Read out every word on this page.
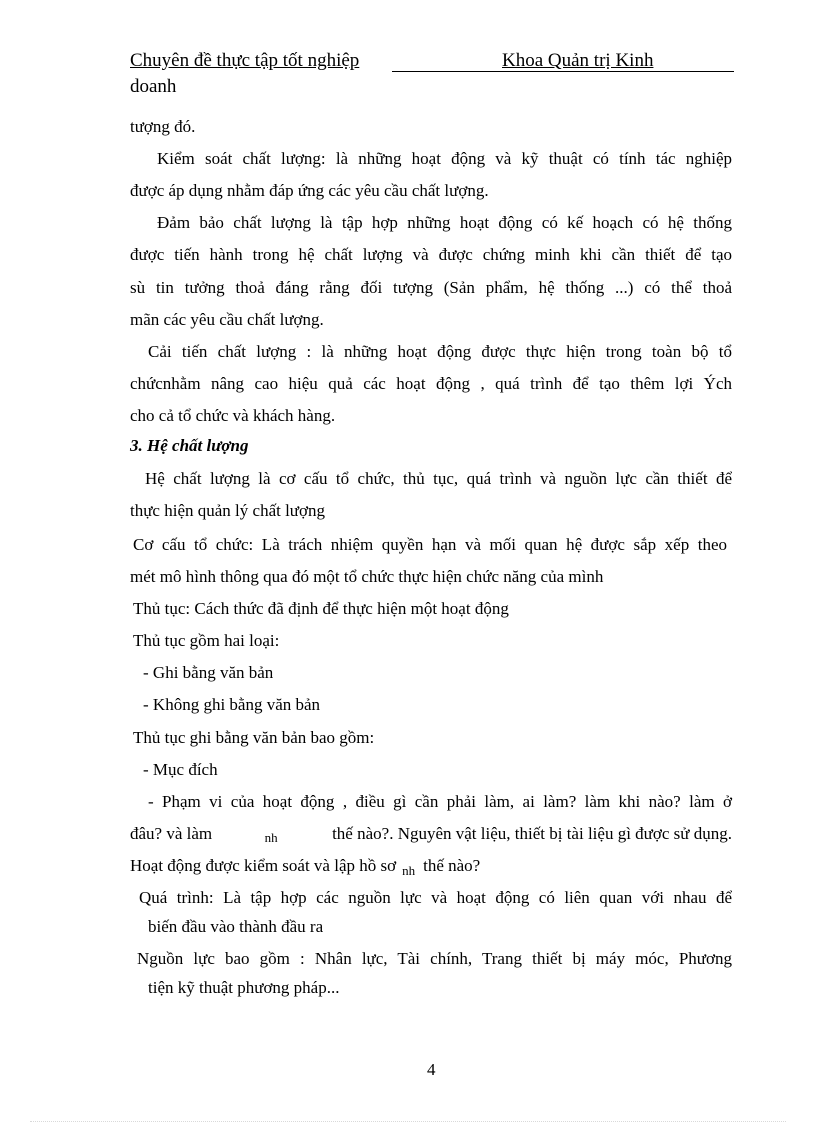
Chuyên đề thực tập tốt nghiệp	Khoa Quản trị Kinh
doanh
tượng đó.
Kiểm soát chất lượng: là những hoạt động và kỹ thuật có tính tác nghiệp
được áp dụng nhằm đáp ứng các yêu cầu chất lượng.
Đảm bảo chất lượng là tập hợp những hoạt động có kế hoạch có hệ thống
được tiến hành trong hệ chất lượng và được chứng minh khi cần thiết để tạo
sù tin tưởng thoả đáng rằng đối tượng (Sản phẩm, hệ thống ...) có thể thoả
mãn các yêu cầu chất lượng.
Cải tiến chất lượng : là những hoạt động được thực hiện trong toàn bộ tổ
chứcnhằm nâng cao hiệu quả các hoạt động , quá trình để tạo thêm lợi Ých
cho cả tổ chức và khách hàng.
3. Hệ chất lượng
Hệ chất lượng là cơ cấu tổ chức, thủ tục, quá trình và nguồn lực cần thiết để
thực hiện quản lý chất lượng
Cơ cấu tổ chức: Là trách nhiệm quyền hạn và mối quan hệ được sắp xếp theo
mét mô hình thông qua đó một tổ chức thực hiện chức năng của mình
Thủ tục: Cách thức đã định để thực hiện một hoạt động
Thủ tục gồm hai loại:
- Ghi bằng văn bản
- Không ghi bằng văn bản
Thủ tục ghi bằng văn bản bao gồm:
- Mục đích
- Phạm vi của hoạt động , điều gì cần phải làm, ai làm? làm khi nào? làm ở
đâu? và làm	nh	thế nào?. Nguyên vật liệu, thiết bị tài liệu gì được sử dụng.
Hoạt động được kiểm soát và lập hồ sơ $_{nh}$ thế nào?
Quá trình: Là tập hợp các nguồn lực và hoạt động có liên quan với nhau để
biến đầu vào thành đầu ra
Nguồn lực bao gồm : Nhân lực, Tài chính, Trang thiết bị máy móc, Phương
tiện kỹ thuật phương pháp...
4
